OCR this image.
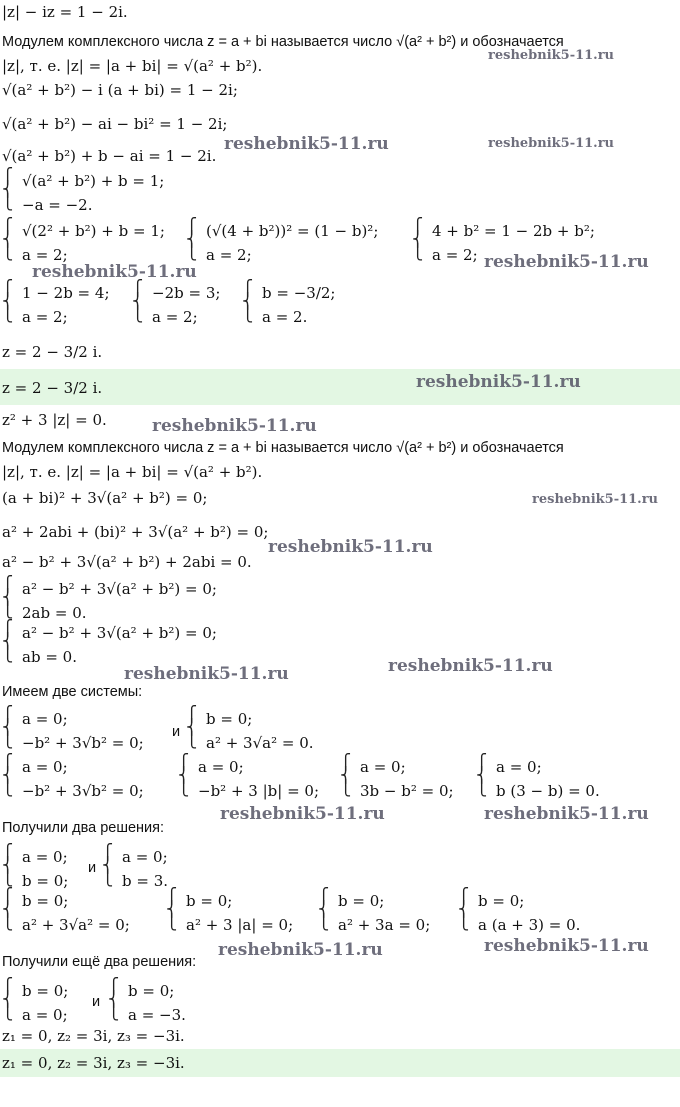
|z| − iz = 1 − 2i.
Модулем комплексного числа z = a + bi называется число √(a² + b²) и обозначается
|z|, т. е. |z| = |a + bi| = √(a² + b²).
√(a² + b²) − i (a + bi) = 1 − 2i;
√(a² + b²) − ai − bi² = 1 − 2i;
√(a² + b²) + b − ai = 1 − 2i.
⎧
⎨
⎩
√(a² + b²) + b = 1;
−a = −2.
⎧
⎨
⎩
√(2² + b²) + b = 1;
a = 2;
⎧
⎨
⎩
(√(4 + b²))² = (1 − b)²;
a = 2;
⎧
⎨
⎩
4 + b² = 1 − 2b + b²;
a = 2;
⎧
⎨
⎩
1 − 2b = 4;
a = 2;
⎧
⎨
⎩
−2b = 3;
a = 2;
⎧
⎨
⎩
b = −3/2;
a = 2.
z = 2 − 3/2 i.
z = 2 − 3/2 i.
z² + 3 |z| = 0.
Модулем комплексного числа z = a + bi называется число √(a² + b²) и обозначается
|z|, т. е. |z| = |a + bi| = √(a² + b²).
(a + bi)² + 3√(a² + b²) = 0;
a² + 2abi + (bi)² + 3√(a² + b²) = 0;
a² − b² + 3√(a² + b²) + 2abi = 0.
⎧
⎨
⎩
a² − b² + 3√(a² + b²) = 0;
2ab = 0.
⎧
⎨
⎩
a² − b² + 3√(a² + b²) = 0;
ab = 0.
Имеем две системы:
⎧
⎨
⎩
a = 0;
−b² + 3√b² = 0;
и
⎧
⎨
⎩
b = 0;
a² + 3√a² = 0.
⎧
⎨
⎩
a = 0;
−b² + 3√b² = 0;
⎧
⎨
⎩
a = 0;
−b² + 3 |b| = 0;
⎧
⎨
⎩
a = 0;
3b − b² = 0;
⎧
⎨
⎩
a = 0;
b (3 − b) = 0.
Получили два решения:
⎧
⎨
⎩
a = 0;
b = 0;
и
⎧
⎨
⎩
a = 0;
b = 3.
⎧
⎨
⎩
b = 0;
a² + 3√a² = 0;
⎧
⎨
⎩
b = 0;
a² + 3 |a| = 0;
⎧
⎨
⎩
b = 0;
a² + 3a = 0;
⎧
⎨
⎩
b = 0;
a (a + 3) = 0.
Получили ещё два решения:
⎧
⎨
⎩
b = 0;
a = 0;
и
⎧
⎨
⎩
b = 0;
a = −3.
z₁ = 0, z₂ = 3i, z₃ = −3i.
z₁ = 0, z₂ = 3i, z₃ = −3i.
reshebnik5-11.ru
reshebnik5-11.ru	reshebnik5-11.ru
reshebnik5-11.ru	reshebnik5-11.ru
reshebnik5-11.ru
reshebnik5-11.ru
reshebnik5-11.ru
reshebnik5-11.ru
reshebnik5-11.ru	reshebnik5-11.ru
reshebnik5-11.ru	reshebnik5-11.ru
reshebnik5-11.ru	reshebnik5-11.ru
